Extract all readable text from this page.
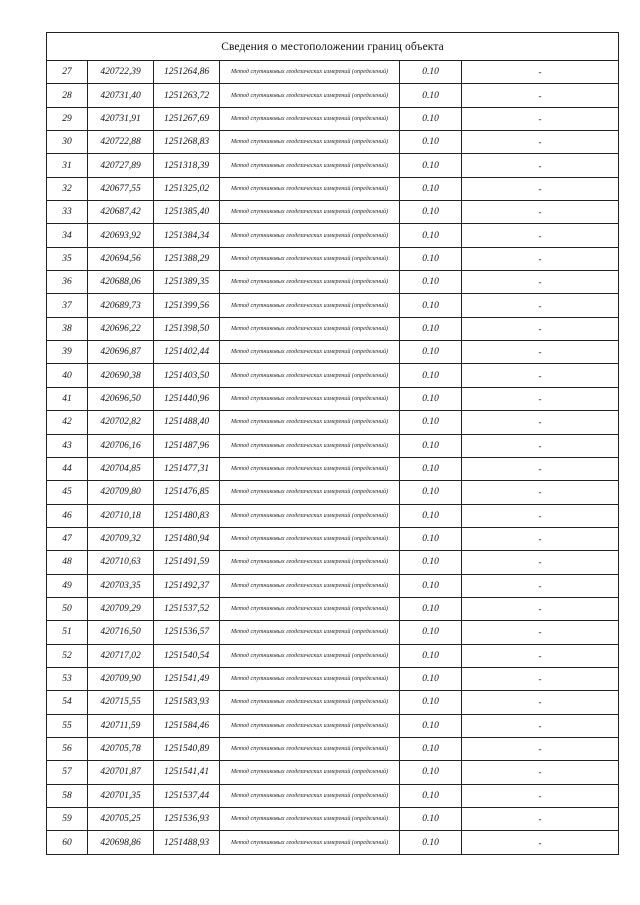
Сведения о местоположении границ объекта					
27	420722,39	1251264,86	Метод спутниковых геодезических измерений (определений)	0.10	-
28	420731,40	1251263,72	Метод спутниковых геодезических измерений (определений)	0.10	-
29	420731,91	1251267,69	Метод спутниковых геодезических измерений (определений)	0.10	-
30	420722,88	1251268,83	Метод спутниковых геодезических измерений (определений)	0.10	-
31	420727,89	1251318,39	Метод спутниковых геодезических измерений (определений)	0.10	-
32	420677,55	1251325,02	Метод спутниковых геодезических измерений (определений)	0.10	-
33	420687,42	1251385,40	Метод спутниковых геодезических измерений (определений)	0.10	-
34	420693,92	1251384,34	Метод спутниковых геодезических измерений (определений)	0.10	-
35	420694,56	1251388,29	Метод спутниковых геодезических измерений (определений)	0.10	-
36	420688,06	1251389,35	Метод спутниковых геодезических измерений (определений)	0.10	-
37	420689,73	1251399,56	Метод спутниковых геодезических измерений (определений)	0.10	-
38	420696,22	1251398,50	Метод спутниковых геодезических измерений (определений)	0.10	-
39	420696,87	1251402,44	Метод спутниковых геодезических измерений (определений)	0.10	-
40	420690,38	1251403,50	Метод спутниковых геодезических измерений (определений)	0.10	-
41	420696,50	1251440,96	Метод спутниковых геодезических измерений (определений)	0.10	-
42	420702,82	1251488,40	Метод спутниковых геодезических измерений (определений)	0.10	-
43	420706,16	1251487,96	Метод спутниковых геодезических измерений (определений)	0.10	-
44	420704,85	1251477,31	Метод спутниковых геодезических измерений (определений)	0.10	-
45	420709,80	1251476,85	Метод спутниковых геодезических измерений (определений)	0.10	-
46	420710,18	1251480,83	Метод спутниковых геодезических измерений (определений)	0.10	-
47	420709,32	1251480,94	Метод спутниковых геодезических измерений (определений)	0.10	-
48	420710,63	1251491,59	Метод спутниковых геодезических измерений (определений)	0.10	-
49	420703,35	1251492,37	Метод спутниковых геодезических измерений (определений)	0.10	-
50	420709,29	1251537,52	Метод спутниковых геодезических измерений (определений)	0.10	-
51	420716,50	1251536,57	Метод спутниковых геодезических измерений (определений)	0.10	-
52	420717,02	1251540,54	Метод спутниковых геодезических измерений (определений)	0.10	-
53	420709,90	1251541,49	Метод спутниковых геодезических измерений (определений)	0.10	-
54	420715,55	1251583,93	Метод спутниковых геодезических измерений (определений)	0.10	-
55	420711,59	1251584,46	Метод спутниковых геодезических измерений (определений)	0.10	-
56	420705,78	1251540,89	Метод спутниковых геодезических измерений (определений)	0.10	-
57	420701,87	1251541,41	Метод спутниковых геодезических измерений (определений)	0.10	-
58	420701,35	1251537,44	Метод спутниковых геодезических измерений (определений)	0.10	-
59	420705,25	1251536,93	Метод спутниковых геодезических измерений (определений)	0.10	-
60	420698,86	1251488,93	Метод спутниковых геодезических измерений (определений)	0.10	-
